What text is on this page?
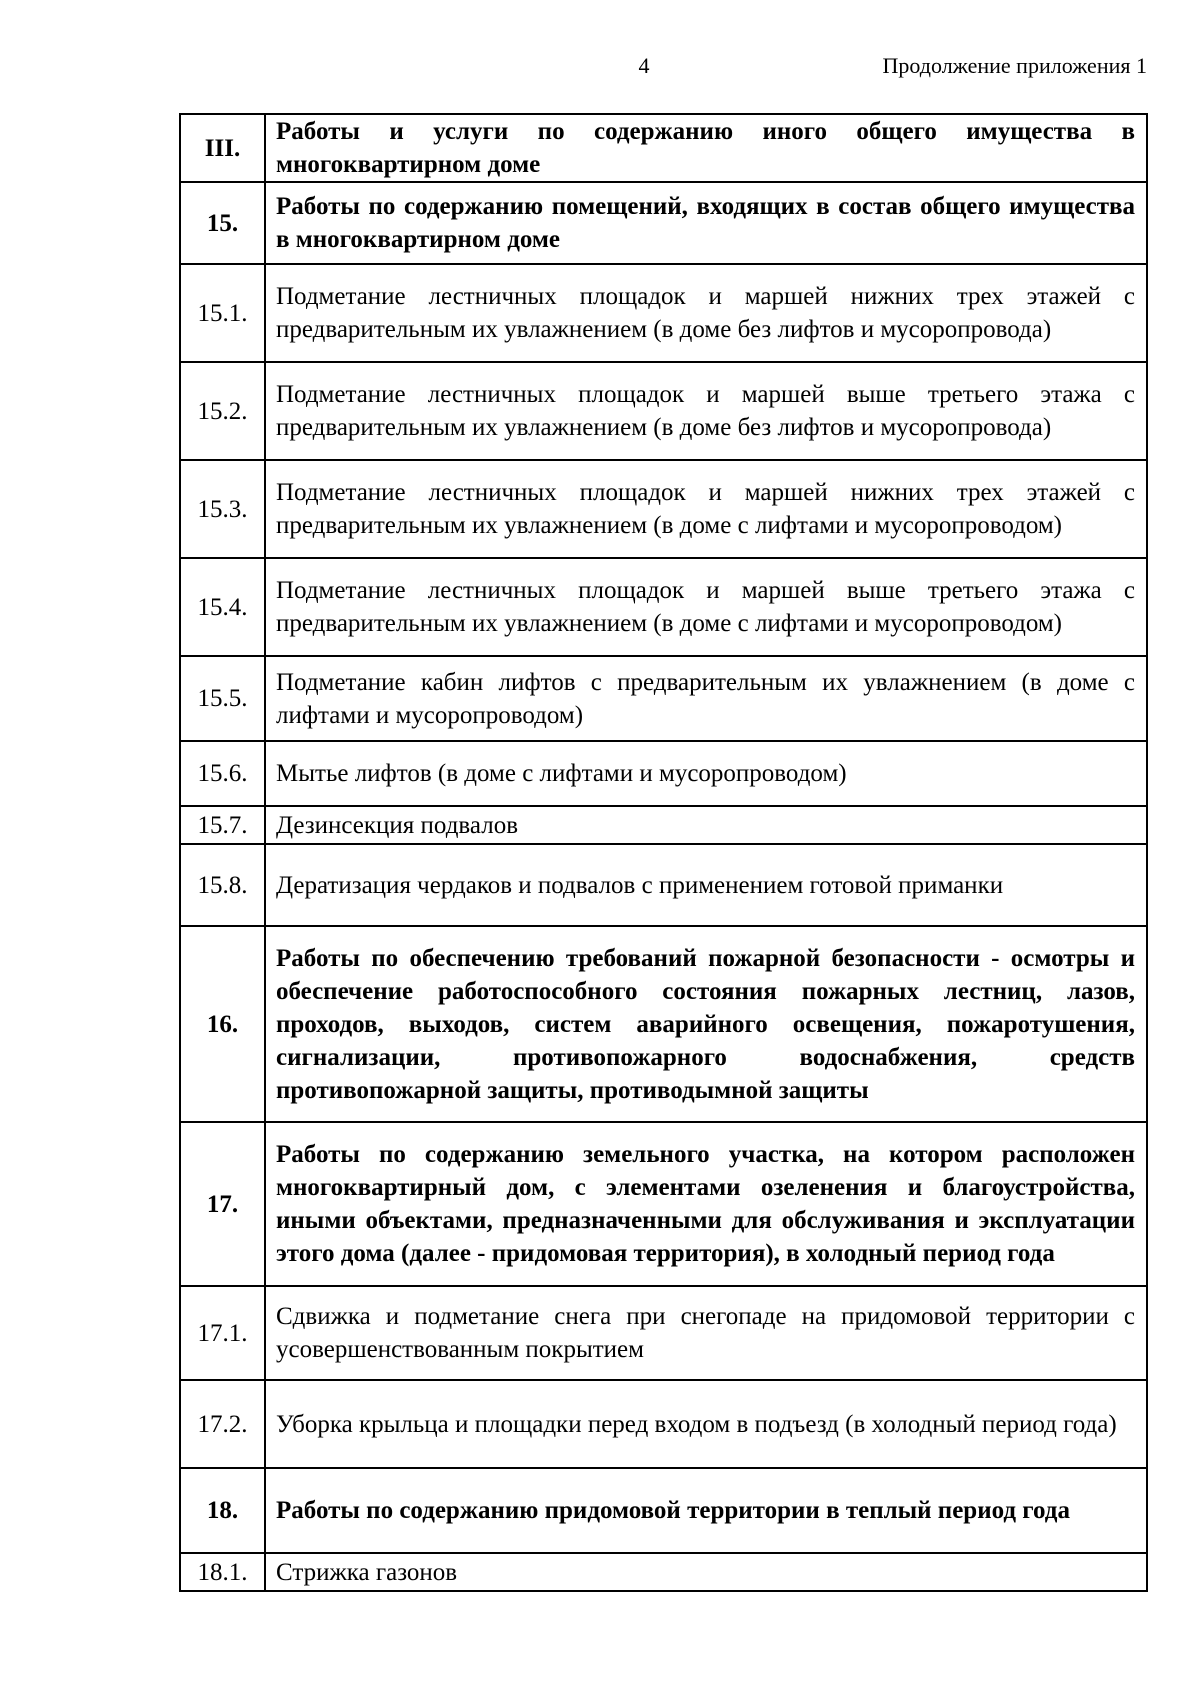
4	Продолжение приложения 1
III.	Работы и услуги по содержанию иного общего имущества в многоквартирном доме
15.	Работы по содержанию помещений, входящих в состав общего имущества в многоквартирном доме
15.1.	Подметание лестничных площадок и маршей нижних трех этажей с предварительным их увлажнением (в доме без лифтов и мусоропровода)
15.2.	Подметание лестничных площадок и маршей выше третьего этажа с предварительным их увлажнением (в доме без лифтов и мусоропровода)
15.3.	Подметание лестничных площадок и маршей нижних трех этажей с предварительным их увлажнением (в доме с лифтами и мусоропроводом)
15.4.	Подметание лестничных площадок и маршей выше третьего этажа с предварительным их увлажнением (в доме с лифтами и мусоропроводом)
15.5.	Подметание кабин лифтов с предварительным их увлажнением (в доме с лифтами и мусоропроводом)
15.6.	Мытье лифтов (в доме с лифтами и мусоропроводом)
15.7.	Дезинсекция подвалов
15.8.	Дератизация чердаков и подвалов с применением готовой приманки
16.	Работы по обеспечению требований пожарной безопасности - осмотры и обеспечение работоспособного состояния пожарных лестниц, лазов, проходов, выходов, систем аварийного освещения, пожаротушения, сигнализации, противопожарного водоснабжения, средств противопожарной защиты, противодымной защиты
17.	Работы по содержанию земельного участка, на котором расположен многоквартирный дом, с элементами озеленения и благоустройства, иными объектами, предназначенными для обслуживания и эксплуатации этого дома (далее - придомовая территория), в холодный период года
17.1.	Сдвижка и подметание снега при снегопаде на придомовой территории с усовершенствованным покрытием
17.2.	Уборка крыльца и площадки перед входом в подъезд (в холодный период года)
18.	Работы по содержанию придомовой территории в теплый период года
18.1.	Стрижка газонов
